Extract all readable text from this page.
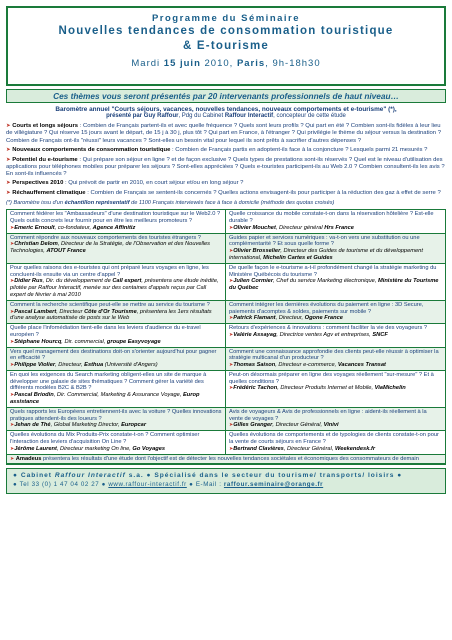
Programme du Séminaire
Nouvelles tendances de consommation touristique
& E-tourisme
Mardi 15 juin 2010, Paris, 9h-18h30
Ces thèmes vous seront présentés par 20 intervenants professionnels de haut niveau…
Baromètre annuel "Courts séjours, vacances, nouvelles tendances, nouveaux comportements et e-tourisme" (*),
présenté par Guy Raffour, Pdg du Cabinet Raffour Interactif, concepteur de cette étude
➤ Courts et longs séjours : Combien de Français partent-ils et avec quelle fréquence ? Quels sont leurs profils ? Qui part en été ? Combien sont-ils fidèles à leur lieu de villégiature ? Qui réserve 15 jours avant le départ, de 15 j à 30 j, plus tôt ? Qui part en France, à l'étranger ? Qui privilégie le thème du séjour versus la destination ? Combien de Français ont-ils "réussi" leurs vacances ? Sont-elles un besoin vital pour lequel ils sont prêts à sacrifier d'autres dépenses ?
➤ Nouveaux comportements de consommation touristique : Combien de Français partis en adoptent-ils face à la conjoncture ? Lesquels parmi 21 mesurés ?
➤ Potentiel du e-tourisme : Qui prépare son séjour en ligne ? et de façon exclusive ? Quels types de prestations sont-ils réservés ? Quel est le niveau d'utilisation des applications pour téléphones mobiles pour préparer les séjours ? Sont-elles appréciées ? Quels e-touristes participent-ils au Web 2.0 ? Combien consultent-ils les avis ? En sont-ils influencés ?
➤ Perspectives 2010 : Qui prévoit de partir en 2010, en court séjour et/ou en long séjour ?
➤ Réchauffement climatique : Combien de Français se sentent-ils concernés ? Quelles actions envisagent-ils pour participer à la réduction des gaz à effet de serre ?
(*) Baromètre issu d'un échantillon représentatif de 1100 Français interviewés face à face à domicile (méthode des quotas croisés)
Comment fédérer les "Ambassadeurs" d'une destination touristique sur le Web2.0 ? Quels outils concrets leur fournir pour en être les meilleurs promoteurs ?
➤Emeric Ernoult, co-fondateur, Agence Affinitiz
Quelle croissance du mobile constate-t-on dans la réservation hôtelière ? Est-elle durable ?
➤Olivier Mouchet, Directeur général Hrs France
Comment répondre aux nouveaux comportements des touristes étrangers ?
➤Christian Delom, Directeur de la Stratégie, de l'Observation et des Nouvelles Technologies, ATOUT France
Guides papier et services numériques : va-t-on vers une substitution ou une complémentarité ? Et sous quelle forme ?
➤Olivier Brosselier, Directeur des Guides de tourisme et du développement international, Michelin Cartes et Guides
Pour quelles raisons des e-touristes qui ont préparé leurs voyages en ligne, les concluent-ils ensuite via un centre d'appel ?
➤Didier Rus, Dir. du développement de Call expert, présentera une étude inédite, pilotée par Raffour Interactif, menée sur des centaines d'appels reçus par Call expert de février à mai 2010
De quelle façon le e-tourisme a-t-il profondément changé la stratégie marketing du Ministère Québécois du tourisme ?
➤Julien Cormier, Chef du service Marketing électronique, Ministère du Tourisme du Québec
Comment la recherche scientifique peut-elle se mettre au service du tourisme ?
➤Pascal Lambert, Directeur Côte d'Or Tourisme, présentera les 1ers résultats d'une analyse automatisée de posts sur le Web
Comment intégrer les dernières évolutions du paiement en ligne : 3D Secure, paiements d'acomptes & soldes, paiements sur mobile ?
➤Patrick Flamant, Directeur, Ogone France
Quelle place l'infomédiation tient-elle dans les leviers d'audience du e-travel européen ?
➤Stéphane Hourcq, Dir. commercial, groupe Easyvoyage
Retours d'expériences & innovations : comment faciliter la vie des voyageurs ?
➤Valérie Assayag, Directrice ventes Agv et entreprises, SNCF
Vers quel management des destinations doit-on s'orienter aujourd'hui pour gagner en efficacité ?
➤Philippe Violier, Directeur, Esthua (Université d'Angers)
Comment une connaissance approfondie des clients peut-elle réussir à optimiser la stratégie multicanal d'un producteur ?
➤Thomas Saison, Directeur e-commerce, Vacances Transat
En quoi les exigences du Search marketing obligent-elles un site de marque à développer une galaxie de sites thématiques ? Comment gérer la variété des différents modèles B2C & B2B ?
➤Pascal Briodin, Dir. Commercial, Marketing & Assurance Voyage, Europ assistance
Peut-on désormais préparer en ligne des voyages réellement "sur-mesure" ? Et à quelles conditions ?
➤Frédéric Tachon, Directeur Produits Internet et Mobile, ViaMichelin
Quels rapports les Européens entretiennent-ils avec la voiture ? Quelles innovations pratiques attendent-ils des loueurs ?
➤Jehan de Thé, Global Marketing Director, Europcar
Avis de voyageurs & Avis de professionnels en ligne : aident-ils réellement à la vente de voyages ?
➤Gilles Granger, Directeur Général, Vinivi
Quelles évolutions du Mix Produits-Prix constate-t-on ? Comment optimiser l'interaction des leviers d'acquisition On Line ?
➤Jérôme Laurent, Directeur marketing On line, Go Voyages
Quelles évolutions de comportements et de typologies de clients constate-t-on pour la vente de courts séjours en France ?
➤Bertrand Clavières, Directeur Général, Weekendesk.fr
➤ Amadeus présentera les résultats d'une étude dont l'objectif est de détecter les nouvelles tendances sociétales et économiques des consommateurs de demain
● Cabinet Raffour Interactif s.a. ● Spécialisé dans le secteur du tourisme/ transports/ loisirs ●
● Tel 33 (0) 1 47 04 02 27 ● www.raffour-interactif.fr ● E-Mail : raffour.seminaire@orange.fr
